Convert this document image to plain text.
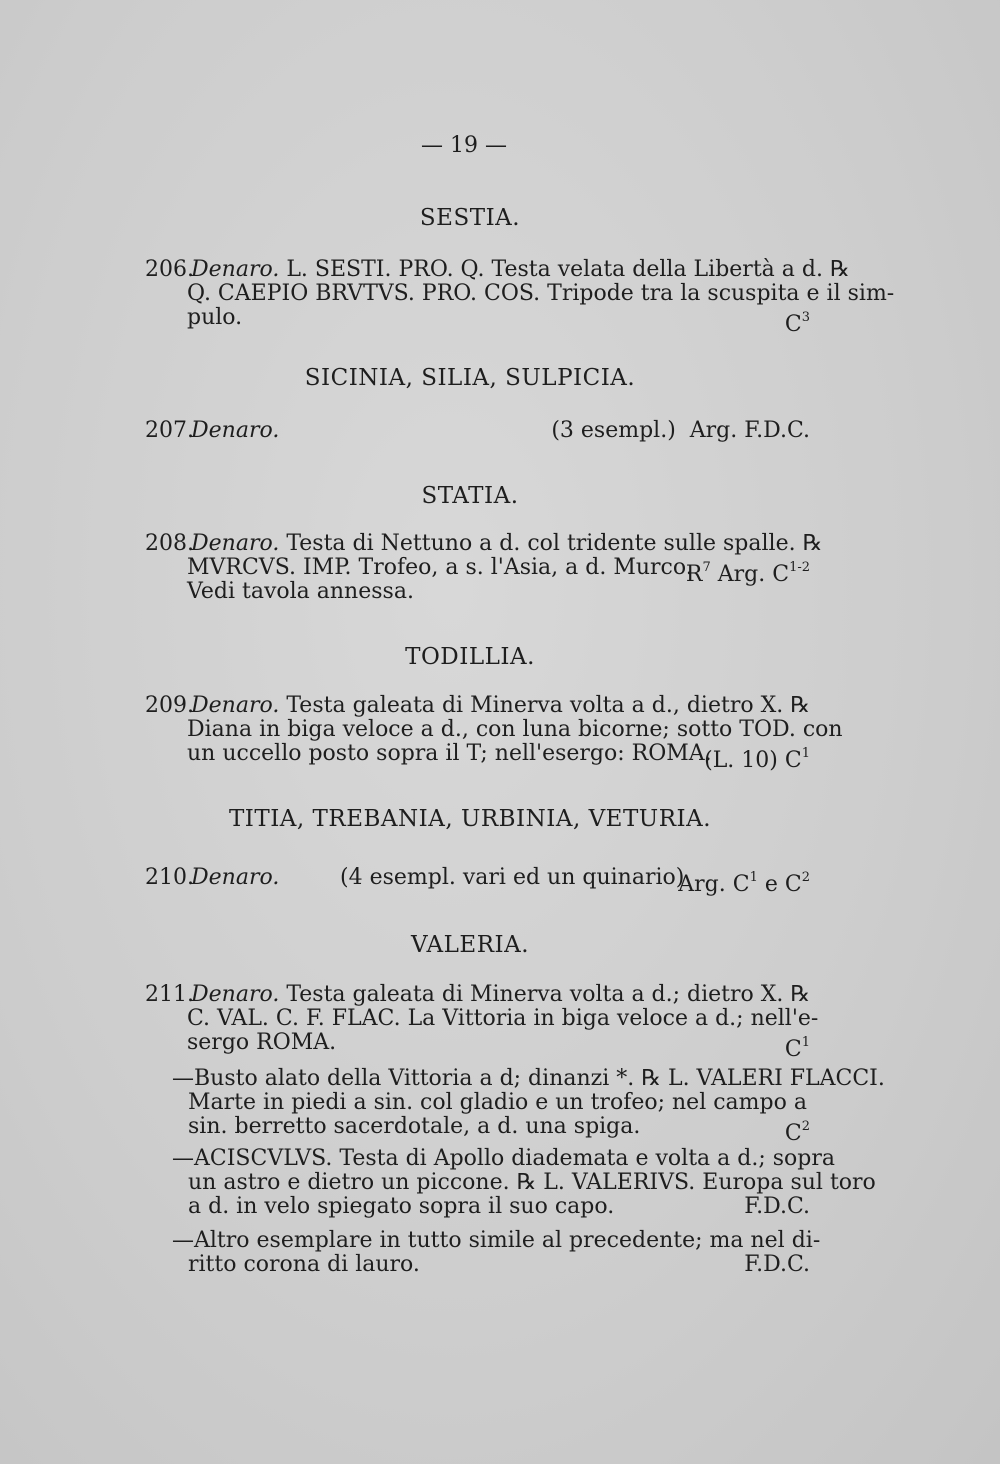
— 19 —
SESTIA.
206.Denaro. L. SESTI. PRO. Q. Testa velata della Libertà a d. ℞
Q. CAEPIO BRVTVS. PRO. COS. Tripode tra la scuspita e il sim-
pulo.	$C^3$
SICINIA, SILIA, SULPICIA.
207.Denaro.	(3 esempl.) Arg. F.D.C.
STATIA.
208.Denaro. Testa di Nettuno a d. col tridente sulle spalle. ℞
MVRCVS. IMP. Trofeo, a s. l'Asia, a d. Murco.
$R^7$ Arg. $C^{1-2}$
Vedi tavola annessa.
TODILLIA.
209.Denaro. Testa galeata di Minerva volta a d., dietro X. ℞
Diana in biga veloce a d., con luna bicorne; sotto TOD. con
un uccello posto sopra il T; nell'esergo: ROMA.
(L. 10) $C^1$
TITIA, TREBANIA, URBINIA, VETURIA.
210.Denaro.	(4 esempl. vari ed un quinario)
Arg. $C^1$ e $C^2$
VALERIA.
211.Denaro. Testa galeata di Minerva volta a d.; dietro X. ℞
C. VAL. C. F. FLAC. La Vittoria in biga veloce a d.; nell'e-
sergo ROMA.	$C^1$
—Busto alato della Vittoria a d; dinanzi *. ℞ L. VALERI FLACCI.
Marte in piedi a sin. col gladio e un trofeo; nel campo a
sin. berretto sacerdotale, a d. una spiga.	$C^2$
—ACISCVLVS. Testa di Apollo diademata e volta a d.; sopra
un astro e dietro un piccone. ℞ L. VALERIVS. Europa sul toro
a d. in velo spiegato sopra il suo capo.	F.D.C.
—Altro esemplare in tutto simile al precedente; ma nel di-
ritto corona di lauro.	F.D.C.
